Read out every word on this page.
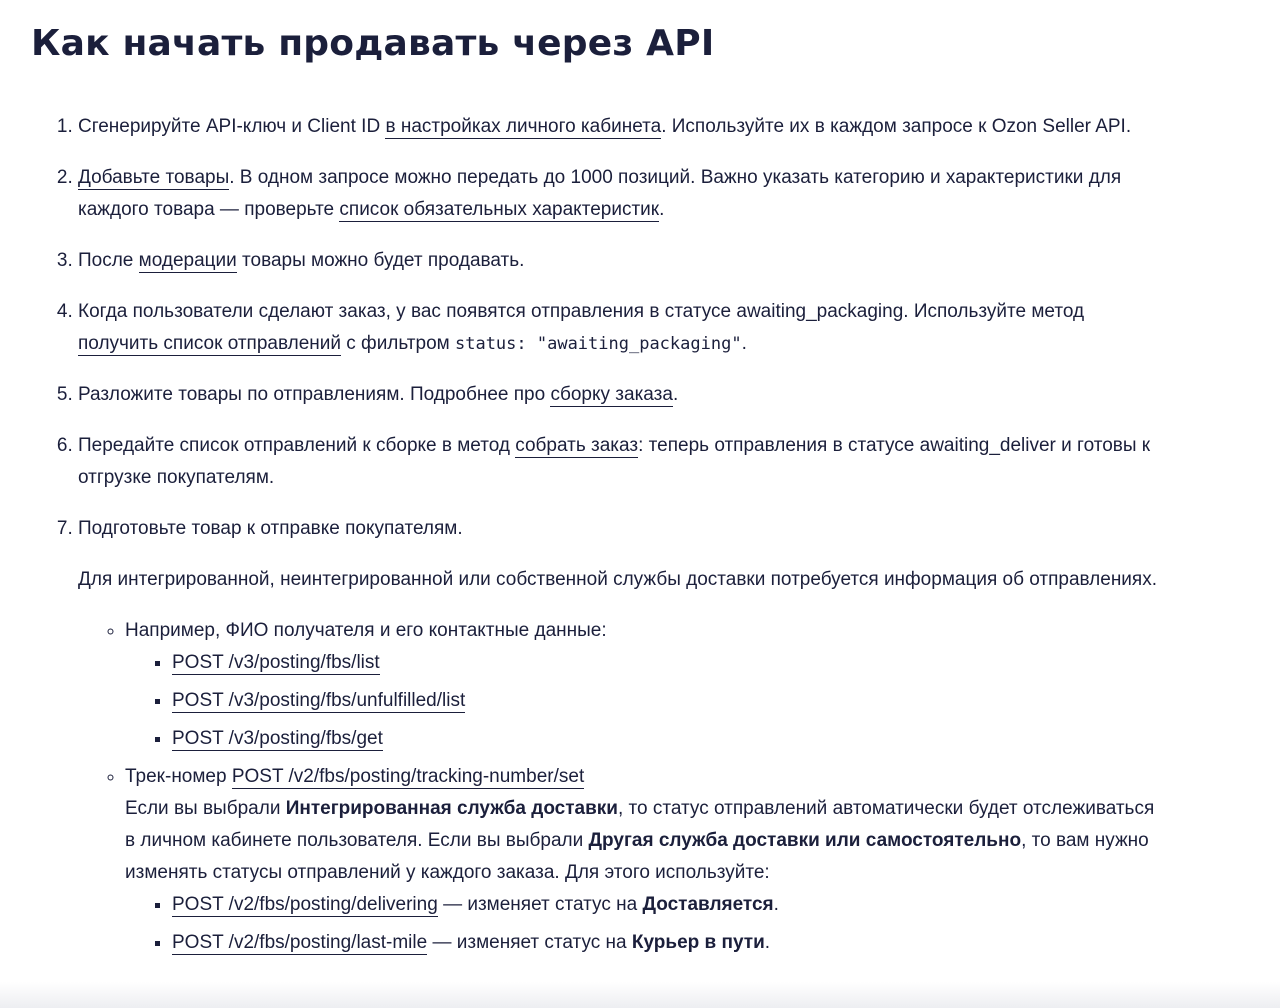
Как начать продавать через API
1. Сгенерируйте API-ключ и Client ID в настройках личного кабинета. Используйте их в каждом запросе к Ozon Seller API.
2. Добавьте товары. В одном запросе можно передать до 1000 позиций. Важно указать категорию и характеристики для каждого товара — проверьте список обязательных характеристик.
3. После модерации товары можно будет продавать.
4. Когда пользователи сделают заказ, у вас появятся отправления в статусе awaiting_packaging. Используйте метод получить список отправлений с фильтром status: "awaiting_packaging".
5. Разложите товары по отправлениям. Подробнее про сборку заказа.
6. Передайте список отправлений к сборке в метод собрать заказ: теперь отправления в статусе awaiting_deliver и готовы к отгрузке покупателям.
7. Подготовьте товар к отправке покупателям.

Для интегрированной, неинтегрированной или собственной службы доставки потребуется информация об отправлениях.

◦ Например, ФИО получателя и его контактные данные:
▪ POST /v3/posting/fbs/list
▪ POST /v3/posting/fbs/unfulfilled/list
▪ POST /v3/posting/fbs/get
◦ Трек-номер POST /v2/fbs/posting/tracking-number/set
Если вы выбрали Интегрированная служба доставки, то статус отправлений автоматически будет отслеживаться в личном кабинете пользователя. Если вы выбрали Другая служба доставки или самостоятельно, то вам нужно изменять статусы отправлений у каждого заказа. Для этого используйте:
▪ POST /v2/fbs/posting/delivering — изменяет статус на Доставляется.
▪ POST /v2/fbs/posting/last-mile — изменяет статус на Курьер в пути.
